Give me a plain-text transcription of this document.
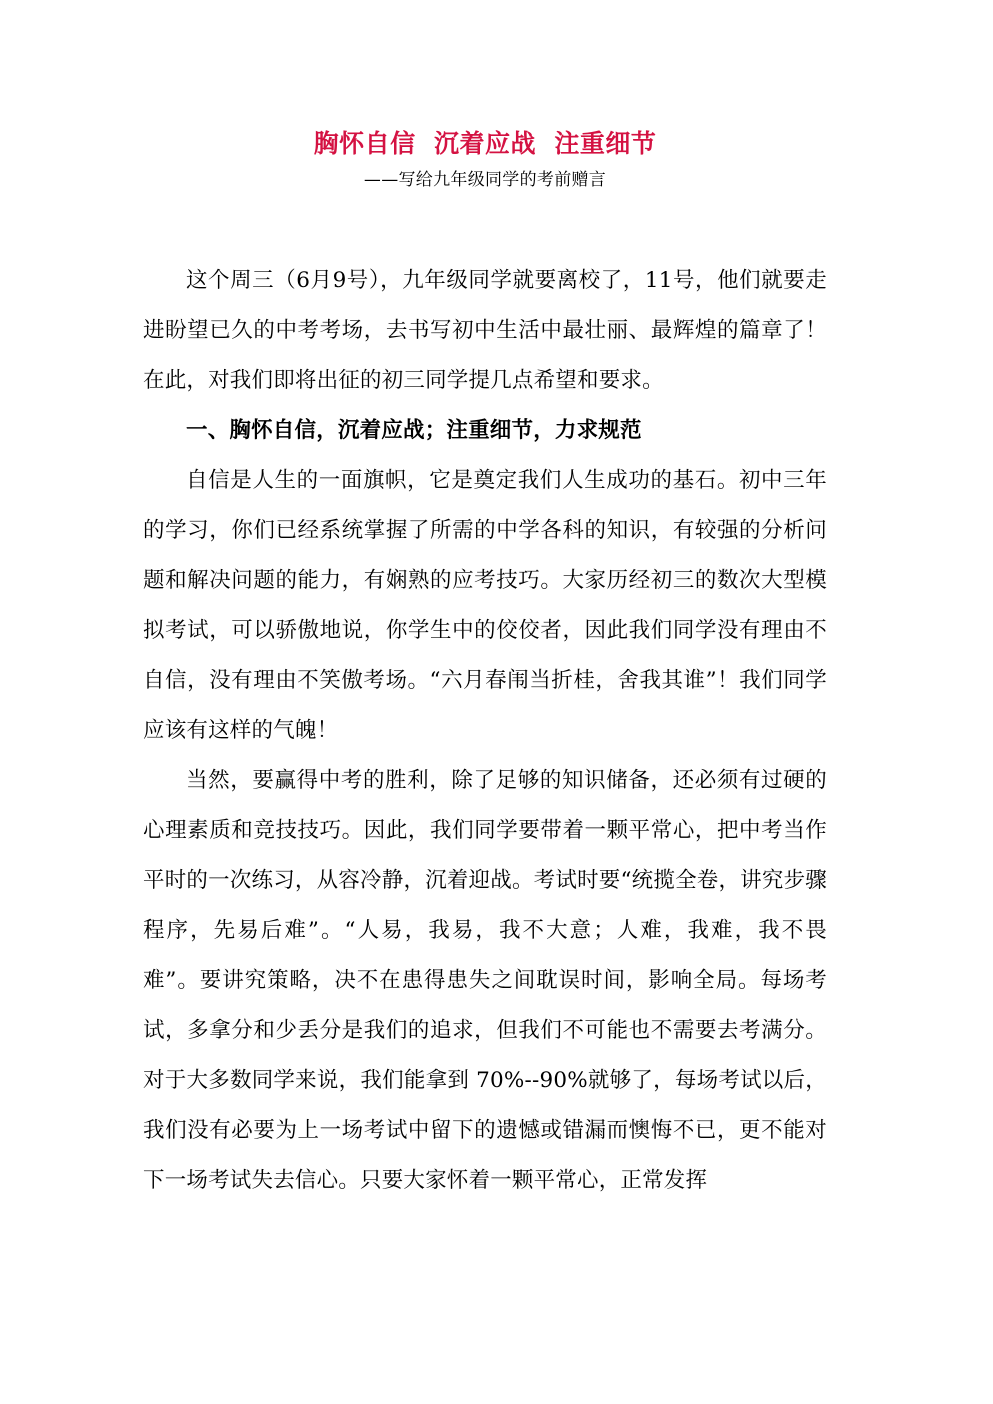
胸怀自信  沉着应战  注重细节
——写给九年级同学的考前赠言

这个周三（6月9号），九年级同学就要离校了，11号，他们就要走进盼望已久的中考考场，去书写初中生活中最壮丽、最辉煌的篇章了！在此，对我们即将出征的初三同学提几点希望和要求。

一、胸怀自信，沉着应战；注重细节，力求规范

自信是人生的一面旗帜，它是奠定我们人生成功的基石。初中三年的学习，你们已经系统掌握了所需的中学各科的知识，有较强的分析问题和解决问题的能力，有娴熟的应考技巧。大家历经初三的数次大型模拟考试，可以骄傲地说，你学生中的佼佼者，因此我们同学没有理由不自信，没有理由不笑傲考场。“六月春闱当折桂，舍我其谁”！我们同学应该有这样的气魄！

当然，要赢得中考的胜利，除了足够的知识储备，还必须有过硬的心理素质和竞技技巧。因此，我们同学要带着一颗平常心，把中考当作平时的一次练习，从容冷静，沉着迎战。考试时要“统揽全卷，讲究步骤程序，先易后难”。“人易，我易，我不大意；人难，我难，我不畏难”。要讲究策略，决不在患得患失之间耽误时间，影响全局。每场考试，多拿分和少丢分是我们的追求，但我们不可能也不需要去考满分。对于大多数同学来说，我们能拿到 70%--90%就够了，每场考试以后，我们没有必要为上一场考试中留下的遗憾或错漏而懊悔不已，更不能对下一场考试失去信心。只要大家怀着一颗平常心，正常发挥
